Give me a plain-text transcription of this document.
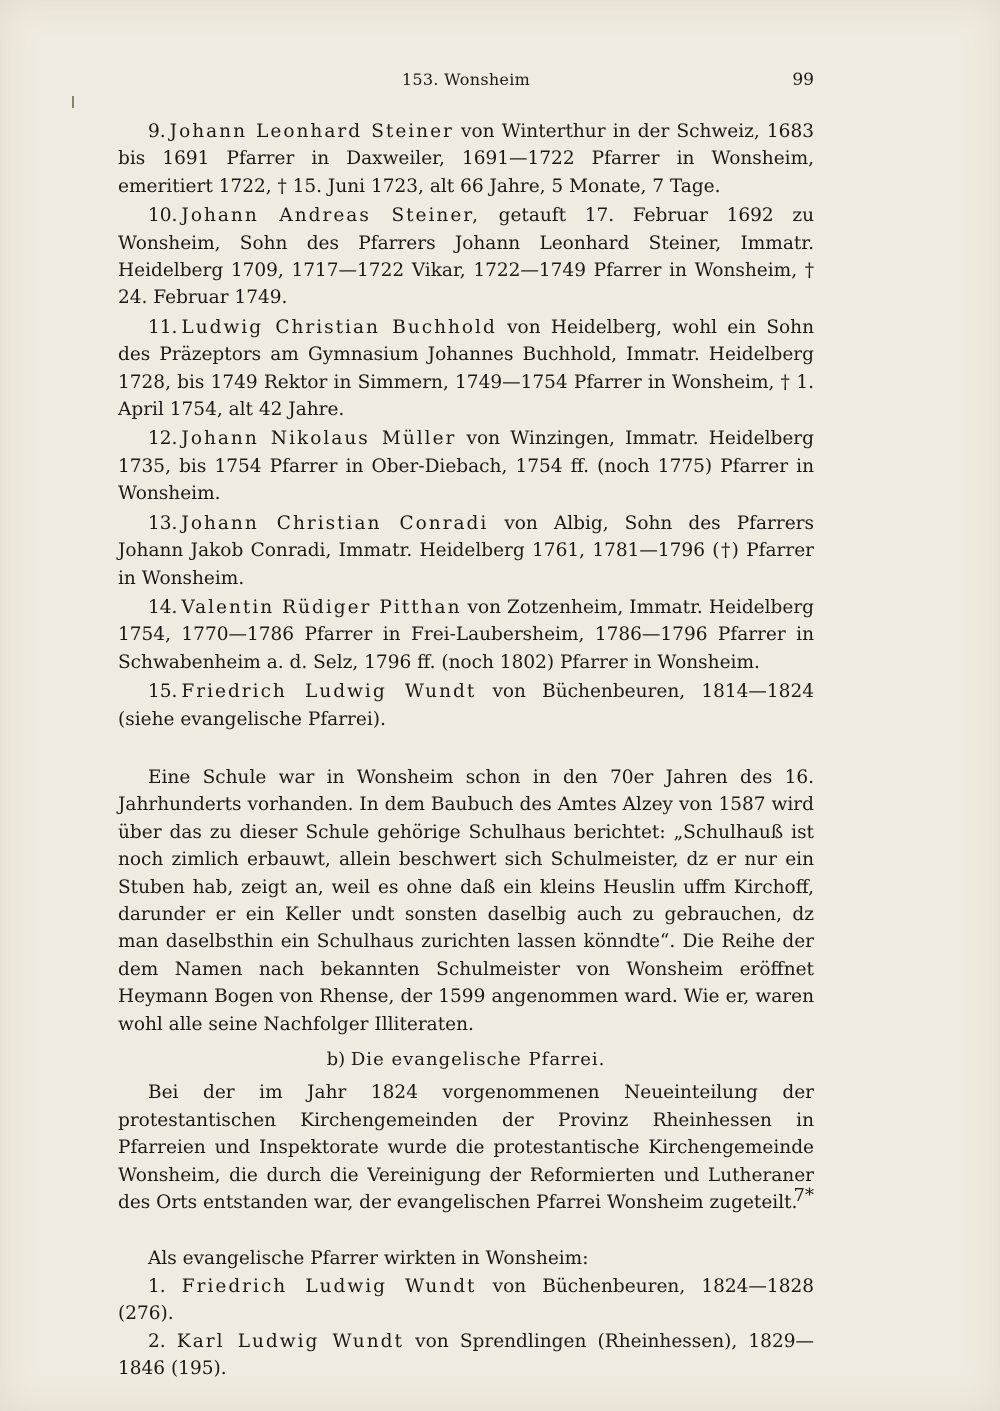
153. Wonsheim	99

9. Johann Leonhard Steiner von Winterthur in der Schweiz, 1683 bis 1691 Pfarrer in Daxweiler, 1691—1722 Pfarrer in Wonsheim, emeritiert 1722, † 15. Juni 1723, alt 66 Jahre, 5 Monate, 7 Tage.

10. Johann Andreas Steiner, getauft 17. Februar 1692 zu Wonsheim, Sohn des Pfarrers Johann Leonhard Steiner, Immatr. Heidelberg 1709, 1717—1722 Vikar, 1722—1749 Pfarrer in Wonsheim, † 24. Februar 1749.

11. Ludwig Christian Buchhold von Heidelberg, wohl ein Sohn des Präzeptors am Gymnasium Johannes Buchhold, Immatr. Heidelberg 1728, bis 1749 Rektor in Simmern, 1749—1754 Pfarrer in Wonsheim, † 1. April 1754, alt 42 Jahre.

12. Johann Nikolaus Müller von Winzingen, Immatr. Heidelberg 1735, bis 1754 Pfarrer in Ober-Diebach, 1754 ff. (noch 1775) Pfarrer in Wonsheim.

13. Johann Christian Conradi von Albig, Sohn des Pfarrers Johann Jakob Conradi, Immatr. Heidelberg 1761, 1781—1796 (†) Pfarrer in Wonsheim.

14. Valentin Rüdiger Pitthan von Zotzenheim, Immatr. Heidelberg 1754, 1770—1786 Pfarrer in Frei-Laubersheim, 1786—1796 Pfarrer in Schwabenheim a. d. Selz, 1796 ff. (noch 1802) Pfarrer in Wonsheim.

15. Friedrich Ludwig Wundt von Büchenbeuren, 1814—1824 (siehe evangelische Pfarrei).

Eine Schule war in Wonsheim schon in den 70er Jahren des 16. Jahrhunderts vorhanden. In dem Baubuch des Amtes Alzey von 1587 wird über das zu dieser Schule gehörige Schulhaus berichtet: „Schulhauß ist noch zimlich erbauwt, allein beschwert sich Schulmeister, dz er nur ein Stuben hab, zeigt an, weil es ohne daß ein kleins Heuslin uffm Kirchoff, darunder er ein Keller undt sonsten daselbig auch zu gebrauchen, dz man daselbsthin ein Schulhaus zurichten lassen könndte“. Die Reihe der dem Namen nach bekannten Schulmeister von Wonsheim eröffnet Heymann Bogen von Rhense, der 1599 angenommen ward. Wie er, waren wohl alle seine Nachfolger Illiteraten.

b) Die evangelische Pfarrei.

Bei der im Jahr 1824 vorgenommenen Neueinteilung der protestantischen Kirchengemeinden der Provinz Rheinhessen in Pfarreien und Inspektorate wurde die protestantische Kirchengemeinde Wonsheim, die durch die Vereinigung der Reformierten und Lutheraner des Orts entstanden war, der evangelischen Pfarrei Wonsheim zugeteilt.

Als evangelische Pfarrer wirkten in Wonsheim:

1. Friedrich Ludwig Wundt von Büchenbeuren, 1824—1828 (276).

2. Karl Ludwig Wundt von Sprendlingen (Rheinhessen), 1829—1846 (195).

7*
